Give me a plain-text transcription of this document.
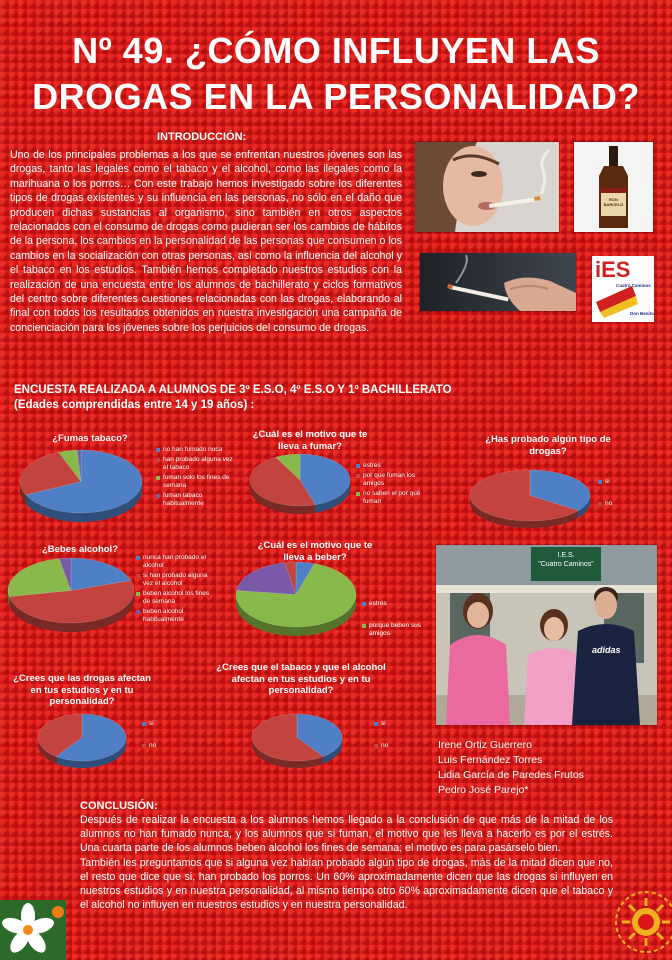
Nº 49. ¿CÓMO INFLUYEN LAS DROGAS EN LA PERSONALIDAD?
INTRODUCCIÓN:
Uno de los principales problemas a los que se enfrentan nuestros jóvenes son las drogas, tanto las legales como el tabaco y el alcohol, como las ilegales como la marihuana o los porros… Con este trabajo hemos investigado sobre los diferentes tipos de drogas existentes y su influencia en las personas, no sólo en el daño que producen dichas sustancias al organismo, sino también en otros aspectos relacionados con el consumo de drogas como pudieran ser los cambios de hábitos de la persona, los cambios en la personalidad de las personas que consumen o los cambios en la socialización con otras personas, así como la influencia del alcohol y el tabaco en los estudios. También hemos completado nuestros estudios con la realización de una encuesta entre los alumnos de bachillerato y ciclos formativos del centro sobre diferentes cuestiones relacionadas con las drogas, elaborando al final con todos los resultados obtenidos en nuestra investigación una campaña de concienciación para los jóvenes sobre los perjuicios del consumo de drogas.
RON BARCELÓ
iES
Cuatro Caminos
Don Benito
ENCUESTA REALIZADA A ALUMNOS DE 3º E.S.O, 4º E.S.O Y 1º BACHILLERATO
(Edades comprendidas entre 14 y 19 años) :
¿Fumas tabaco?	¿Cuál es el motivo que te lleva a fumar?
¿Has probado algún tipo de drogas?
¿Bebes alcohol?	¿Cuál es el motivo que te lleva a beber?
¿Crees que las drogas afectan en tus estudios y en tu personalidad?
¿Crees que el tabaco y que el alcohol afectan en tus estudios y en tu personalidad?
no han fumado nuca
han probado alguna vez el tabaco
fuman solo los fines de semana
fuman tabaco habitualmente
estrés
por que fuman los amigos
no saben el por qué fuman
si
no
nunca han probado el alcohol
si han probado alguna vez el alcohol
beben alcohol los fines de semana
beben alcohol habitualmente
estrés
porque beben sus amigos
si
no
si
no
I.E.S.
"Cuatro Caminos"
adidas
Irene Ortiz Guerrero
Luis Fernández Torres
Lidia García de Paredes Frutos
Pedro José Parejo*
CONCLUSIÓN:

Después de realizar la encuesta a los alumnos hemos llegado a la conclusión de que más de la mitad de los alumnos no han fumado nunca, y los alumnos que si fuman, el motivo que les lleva a hacerlo es por el estrés. Una cuarta parte de los alumnos beben alcohol los fines de semana; el motivo es para pasárselo bien.

También les preguntamos que si alguna vez habían probado algún tipo de drogas, más de la mitad dicen que no, el resto que dice que si, han probado los porros. Un 60% aproximadamente dicen que las drogas si influyen en nuestros estudios y en nuestra personalidad, al mismo tiempo otro 60% aproximadamente dicen que el tabaco y el alcohol no influyen en nuestros estudios y en nuestra personalidad.
